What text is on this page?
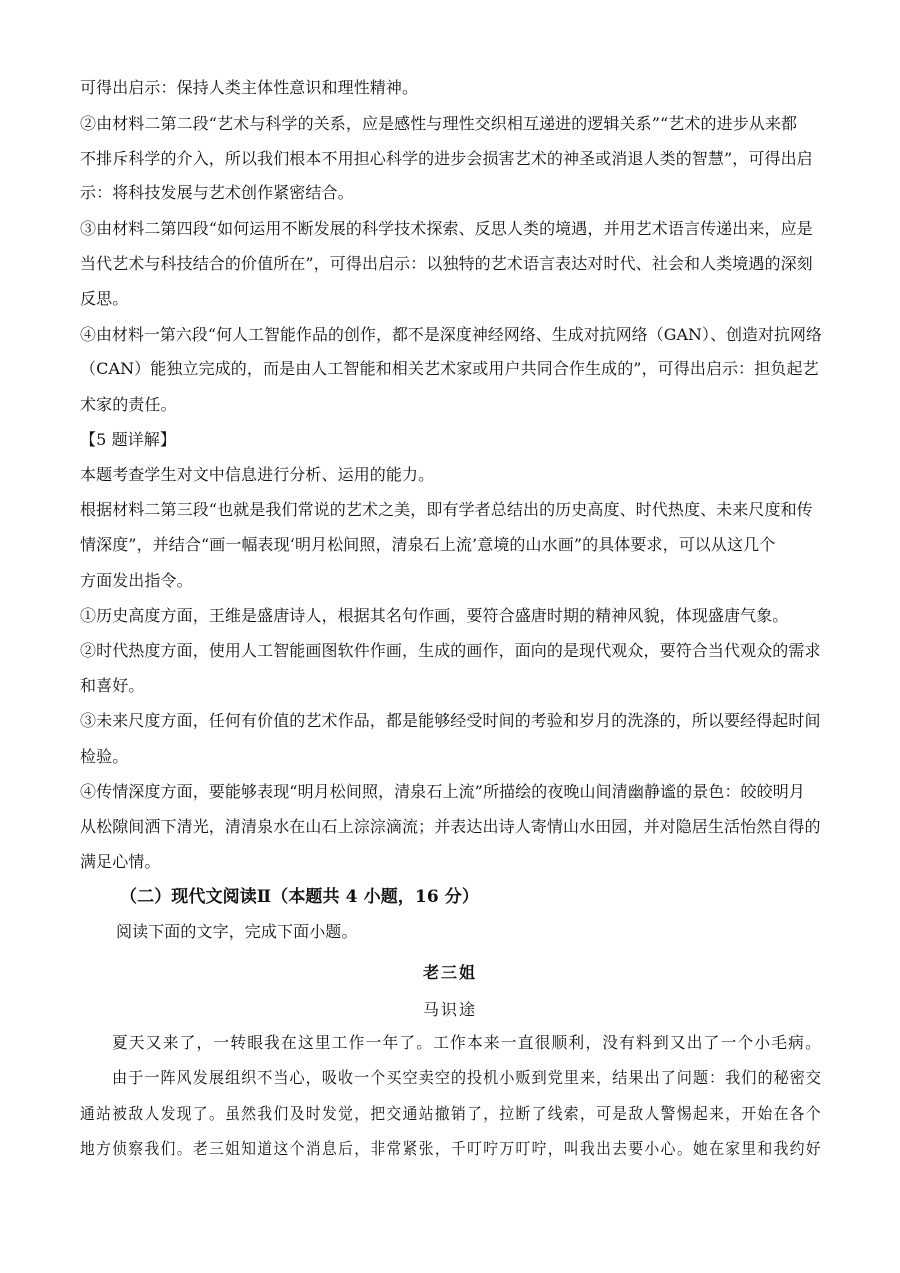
可得出启示：保持人类主体性意识和理性精神。
②由材料二第二段“艺术与科学的关系，应是感性与理性交织相互递进的逻辑关系”“艺术的进步从来都
不排斥科学的介入，所以我们根本不用担心科学的进步会损害艺术的神圣或消退人类的智慧”，可得出启
示：将科技发展与艺术创作紧密结合。
③由材料二第四段“如何运用不断发展的科学技术探索、反思人类的境遇，并用艺术语言传递出来，应是
当代艺术与科技结合的价值所在”，可得出启示：以独特的艺术语言表达对时代、社会和人类境遇的深刻
反思。
④由材料一第六段“何人工智能作品的创作，都不是深度神经网络、生成对抗网络（GAN）、创造对抗网络
（CAN）能独立完成的，而是由人工智能和相关艺术家或用户共同合作生成的”，可得出启示：担负起艺
术家的责任。
【5 题详解】
本题考查学生对文中信息进行分析、运用的能力。
根据材料二第三段“也就是我们常说的艺术之美，即有学者总结出的历史高度、时代热度、未来尺度和传
情深度”，并结合“画一幅表现‘明月松间照，清泉石上流’意境的山水画”的具体要求，可以从这几个
方面发出指令。
①历史高度方面，王维是盛唐诗人，根据其名句作画，要符合盛唐时期的精神风貌，体现盛唐气象。
②时代热度方面，使用人工智能画图软件作画，生成的画作，面向的是现代观众，要符合当代观众的需求
和喜好。
③未来尺度方面，任何有价值的艺术作品，都是能够经受时间的考验和岁月的洗涤的，所以要经得起时间
检验。
④传情深度方面，要能够表现“明月松间照，清泉石上流”所描绘的夜晚山间清幽静谧的景色：皎皎明月
从松隙间洒下清光，清清泉水在山石上淙淙滴流；并表达出诗人寄情山水田园，并对隐居生活怡然自得的
满足心情。
（二）现代文阅读Ⅱ（本题共 4 小题，16 分）
阅读下面的文字，完成下面小题。
老三姐
马识途
夏天又来了，一转眼我在这里工作一年了。工作本来一直很顺利，没有料到又出了一个小毛病。
由于一阵风发展组织不当心，吸收一个买空卖空的投机小贩到党里来，结果出了问题：我们的秘密交
通站被敌人发现了。虽然我们及时发觉，把交通站撤销了，拉断了线索，可是敌人警惕起来，开始在各个
地方侦察我们。老三姐知道这个消息后，非常紧张，千叮咛万叮咛，叫我出去要小心。她在家里和我约好
